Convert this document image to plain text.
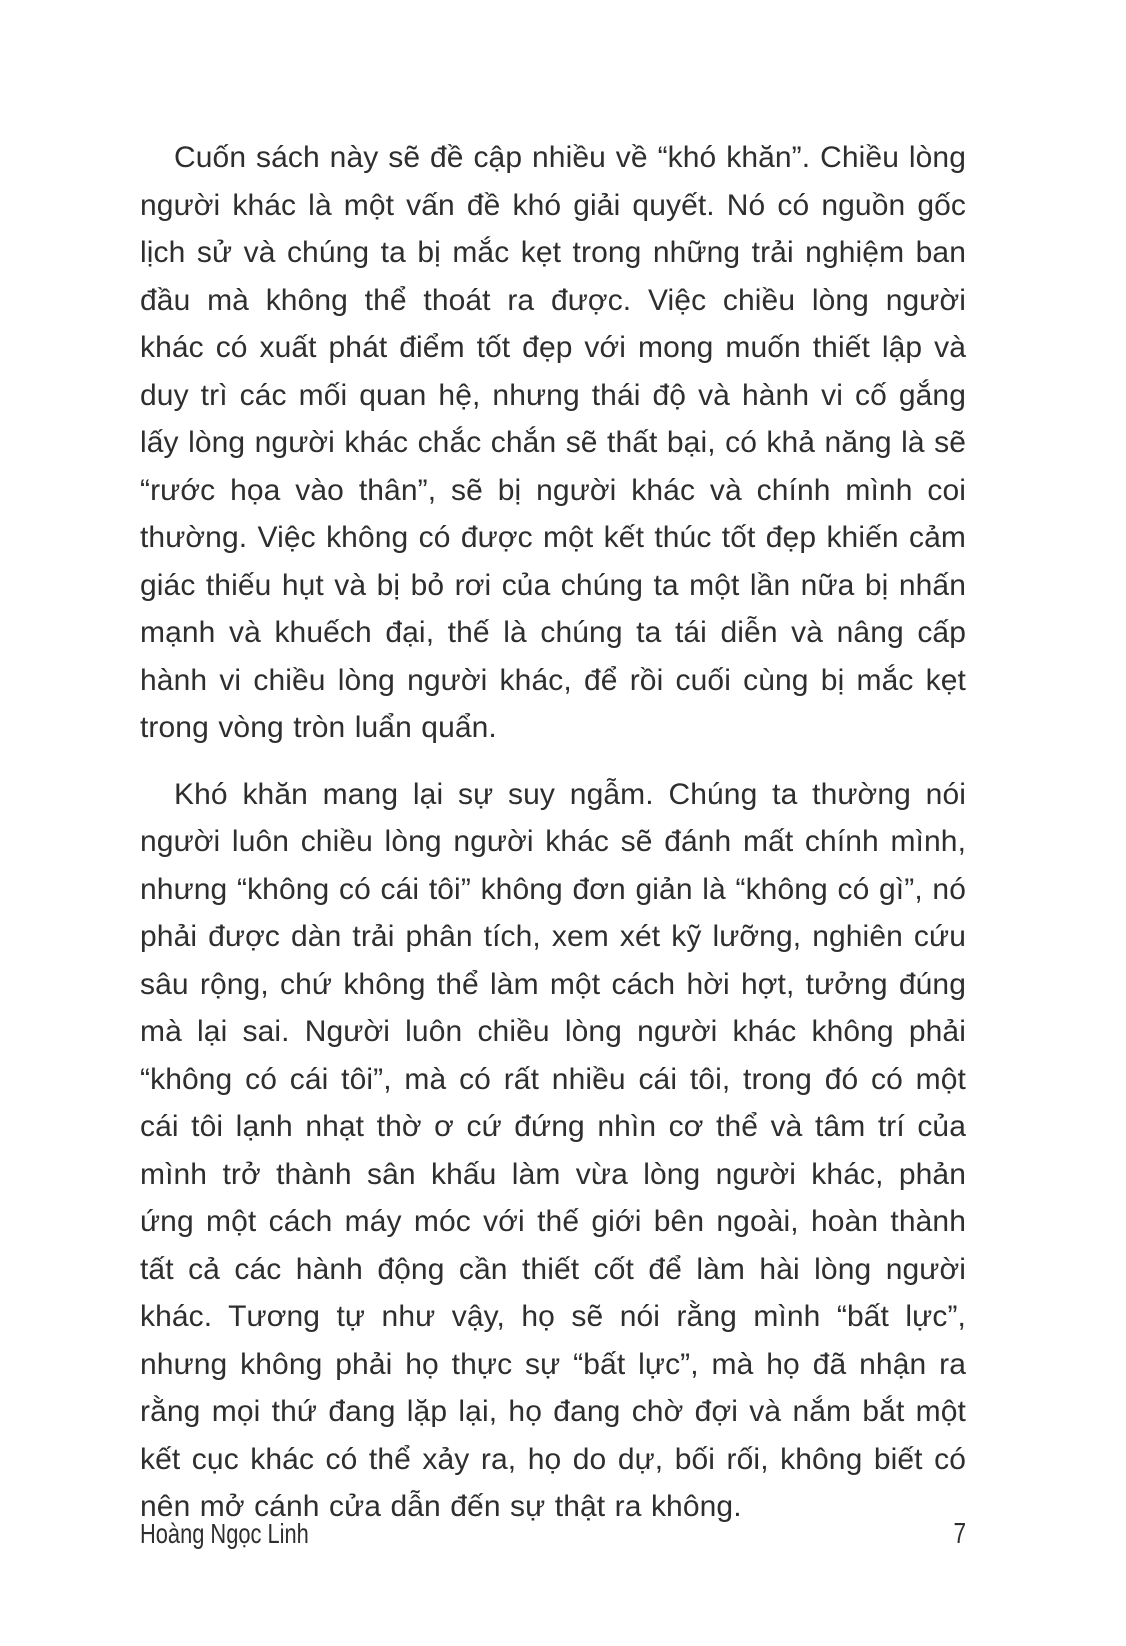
Cuốn sách này sẽ đề cập nhiều về “khó khăn”. Chiều lòng người khác là một vấn đề khó giải quyết. Nó có nguồn gốc lịch sử và chúng ta bị mắc kẹt trong những trải nghiệm ban đầu mà không thể thoát ra được. Việc chiều lòng người khác có xuất phát điểm tốt đẹp với mong muốn thiết lập và duy trì các mối quan hệ, nhưng thái độ và hành vi cố gắng lấy lòng người khác chắc chắn sẽ thất bại, có khả năng là sẽ “rước họa vào thân”, sẽ bị người khác và chính mình coi thường. Việc không có được một kết thúc tốt đẹp khiến cảm giác thiếu hụt và bị bỏ rơi của chúng ta một lần nữa bị nhấn mạnh và khuếch đại, thế là chúng ta tái diễn và nâng cấp hành vi chiều lòng người khác, để rồi cuối cùng bị mắc kẹt trong vòng tròn luẩn quẩn.

Khó khăn mang lại sự suy ngẫm. Chúng ta thường nói người luôn chiều lòng người khác sẽ đánh mất chính mình, nhưng “không có cái tôi” không đơn giản là “không có gì”, nó phải được dàn trải phân tích, xem xét kỹ lưỡng, nghiên cứu sâu rộng, chứ không thể làm một cách hời hợt, tưởng đúng mà lại sai. Người luôn chiều lòng người khác không phải “không có cái tôi”, mà có rất nhiều cái tôi, trong đó có một cái tôi lạnh nhạt thờ ơ cứ đứng nhìn cơ thể và tâm trí của mình trở thành sân khấu làm vừa lòng người khác, phản ứng một cách máy móc với thế giới bên ngoài, hoàn thành tất cả các hành động cần thiết cốt để làm hài lòng người khác. Tương tự như vậy, họ sẽ nói rằng mình “bất lực”, nhưng không phải họ thực sự “bất lực”, mà họ đã nhận ra rằng mọi thứ đang lặp lại, họ đang chờ đợi và nắm bắt một kết cục khác có thể xảy ra, họ do dự, bối rối, không biết có nên mở cánh cửa dẫn đến sự thật ra không.

Hoàng Ngọc Linh	7
